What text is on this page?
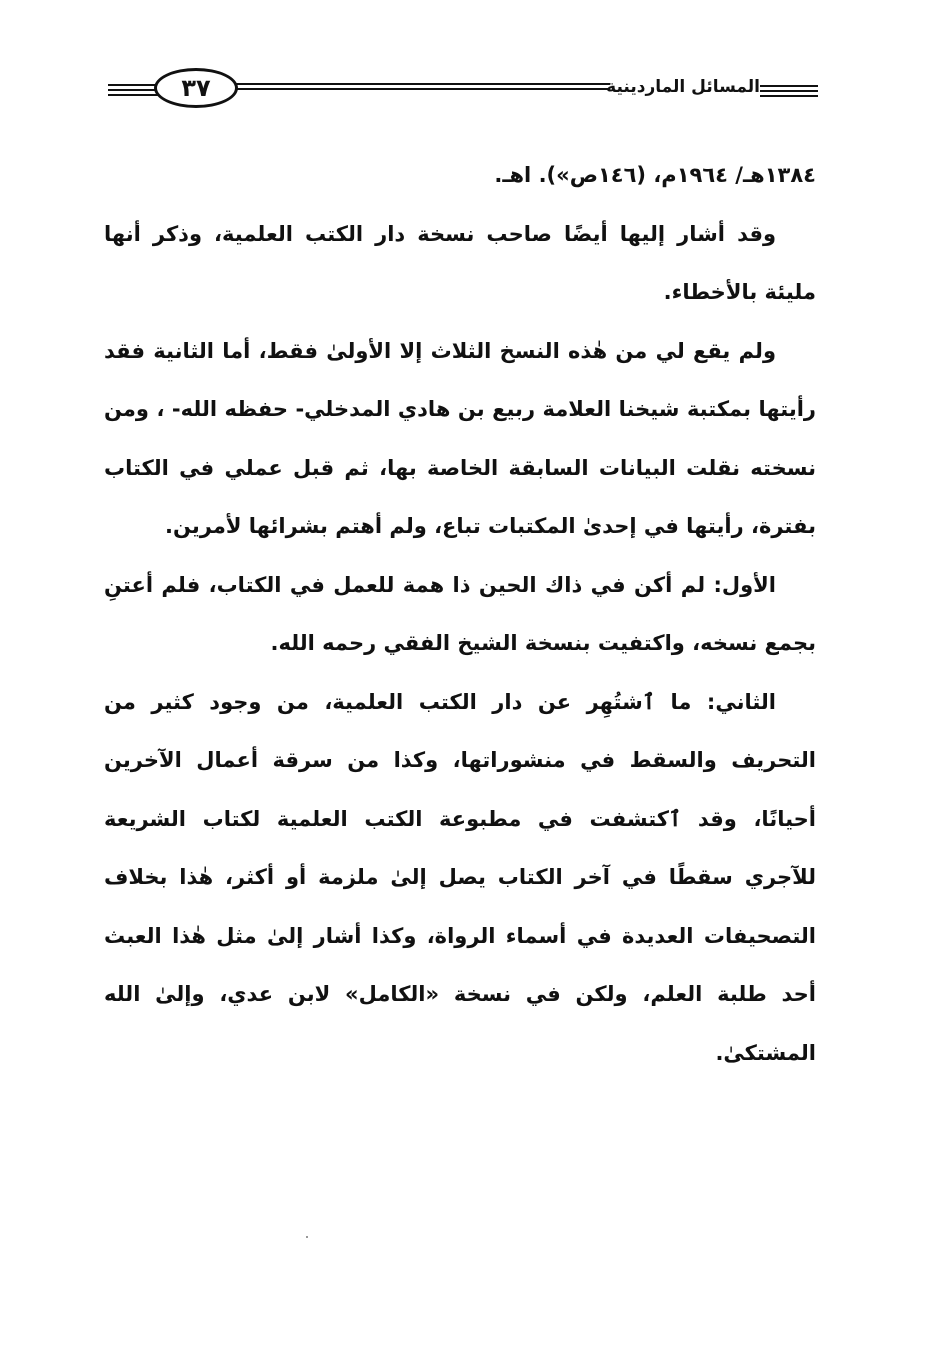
٣٧	المسائل الماردينية

١٣٨٤هـ/ ١٩٦٤م، (١٤٦ص»). اهـ.

وقد أشار إليها أيضًا صاحب نسخة دار الكتب العلمية، وذكر أنها مليئة بالأخطاء.

ولم يقع لي من هٰذه النسخ الثلاث إلا الأولىٰ فقط، أما الثانية فقد رأيتها بمكتبة شيخنا العلامة ربيع بن هادي المدخلي- حفظه الله- ، ومن نسخته نقلت البيانات السابقة الخاصة بها، ثم قبل عملي في الكتاب بفترة، رأيتها في إحدىٰ المكتبات تباع، ولم أهتم بشرائها لأمرين.

الأول: لم أكن في ذاك الحين ذا همة للعمل في الكتاب، فلم أعتنِ بجمع نسخه، واكتفيت بنسخة الشيخ الفقي رحمه الله.

الثاني: ما ٱشتُهِر عن دار الكتب العلمية، من وجود كثير من التحريف والسقط في منشوراتها، وكذا من سرقة أعمال الآخرين أحيانًا، وقد ٱكتشفت في مطبوعة الكتب العلمية لكتاب الشريعة للآجري سقطًا في آخر الكتاب يصل إلىٰ ملزمة أو أكثر، هٰذا بخلاف التصحيفات العديدة في أسماء الرواة، وكذا أشار إلىٰ مثل هٰذا العبث أحد طلبة العلم، ولكن في نسخة «الكامل» لابن عدي، وإلىٰ الله المشتكىٰ.
